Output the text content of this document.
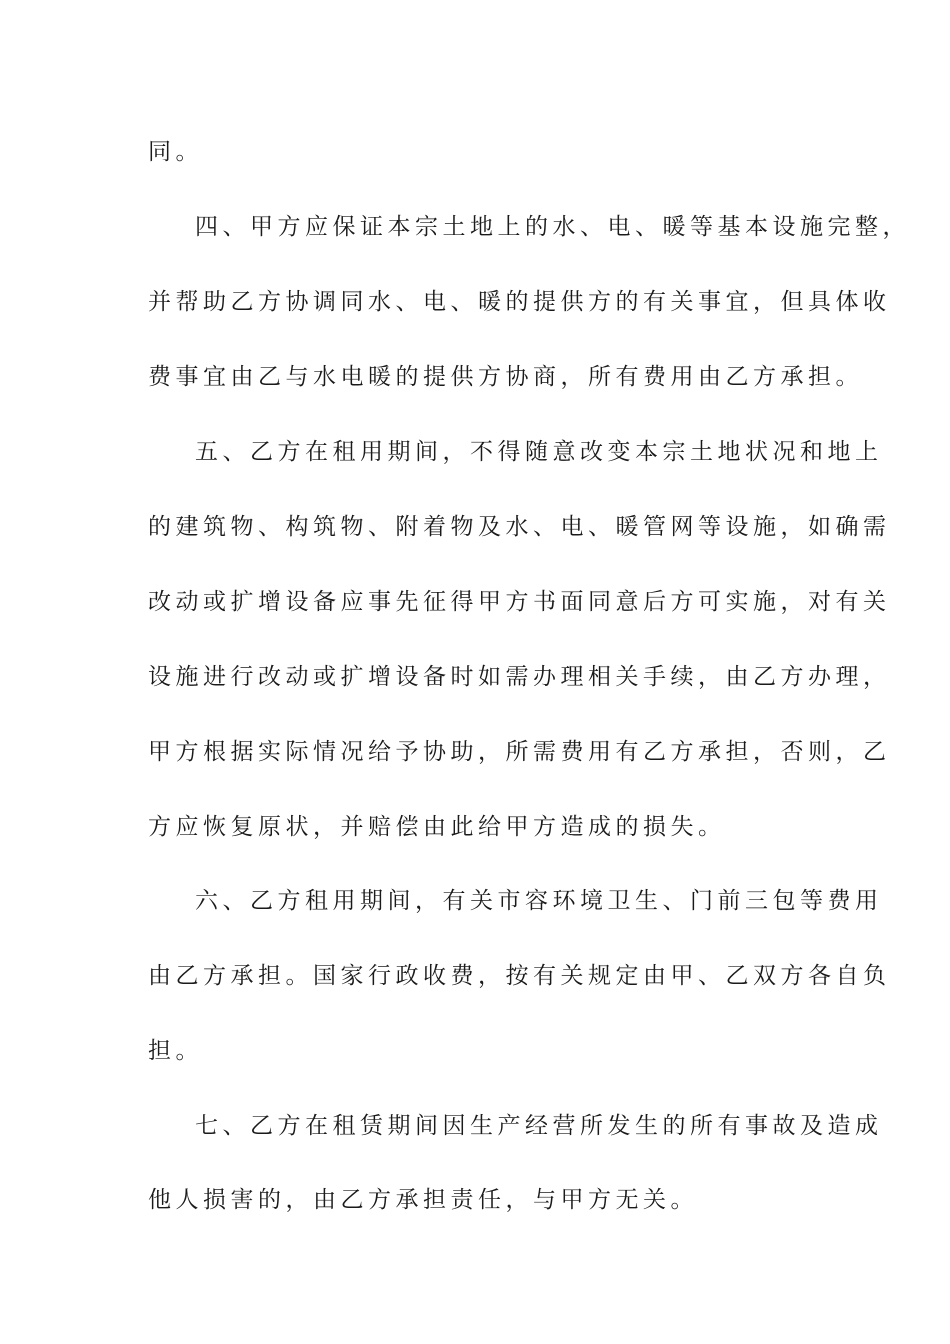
同。
四、甲方应保证本宗土地上的水、电、暖等基本设施完整，
并帮助乙方协调同水、电、暖的提供方的有关事宜，但具体收
费事宜由乙与水电暖的提供方协商，所有费用由乙方承担。
五、乙方在租用期间，不得随意改变本宗土地状况和地上
的建筑物、构筑物、附着物及水、电、暖管网等设施，如确需
改动或扩增设备应事先征得甲方书面同意后方可实施，对有关
设施进行改动或扩增设备时如需办理相关手续，由乙方办理，
甲方根据实际情况给予协助，所需费用有乙方承担，否则，乙
方应恢复原状，并赔偿由此给甲方造成的损失。
六、乙方租用期间，有关市容环境卫生、门前三包等费用
由乙方承担。国家行政收费，按有关规定由甲、乙双方各自负
担。
七、乙方在租赁期间因生产经营所发生的所有事故及造成
他人损害的，由乙方承担责任，与甲方无关。
